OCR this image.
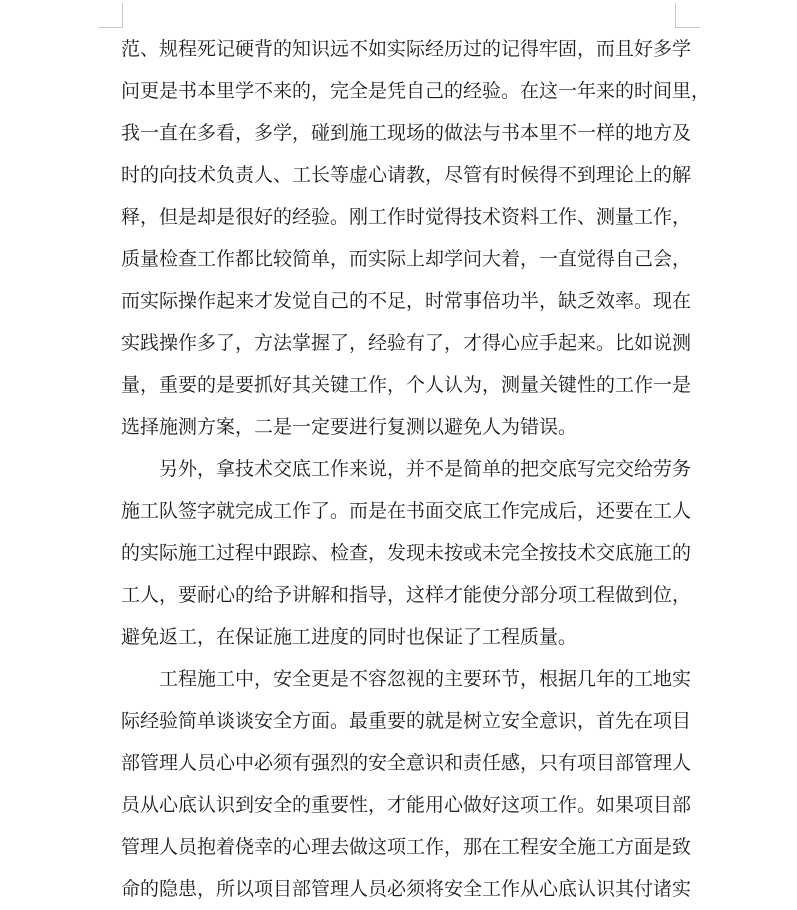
范、规程死记硬背的知识远不如实际经历过的记得牢固，而且好多学
问更是书本里学不来的，完全是凭自己的经验。在这一年来的时间里，
我一直在多看，多学，碰到施工现场的做法与书本里不一样的地方及
时的向技术负责人、工长等虚心请教，尽管有时候得不到理论上的解
释，但是却是很好的经验。刚工作时觉得技术资料工作、测量工作，
质量检查工作都比较简单，而实际上却学问大着，一直觉得自己会，
而实际操作起来才发觉自己的不足，时常事倍功半，缺乏效率。现在
实践操作多了，方法掌握了，经验有了，才得心应手起来。比如说测
量，重要的是要抓好其关键工作，个人认为，测量关键性的工作一是
选择施测方案，二是一定要进行复测以避免人为错误。
另外，拿技术交底工作来说，并不是简单的把交底写完交给劳务
施工队签字就完成工作了。而是在书面交底工作完成后，还要在工人
的实际施工过程中跟踪、检查，发现未按或未完全按技术交底施工的
工人，要耐心的给予讲解和指导，这样才能使分部分项工程做到位，
避免返工，在保证施工进度的同时也保证了工程质量。
工程施工中，安全更是不容忽视的主要环节，根据几年的工地实
际经验简单谈谈安全方面。最重要的就是树立安全意识，首先在项目
部管理人员心中必须有强烈的安全意识和责任感，只有项目部管理人
员从心底认识到安全的重要性，才能用心做好这项工作。如果项目部
管理人员抱着侥幸的心理去做这项工作，那在工程安全施工方面是致
命的隐患，所以项目部管理人员必须将安全工作从心底认识其付诸实
